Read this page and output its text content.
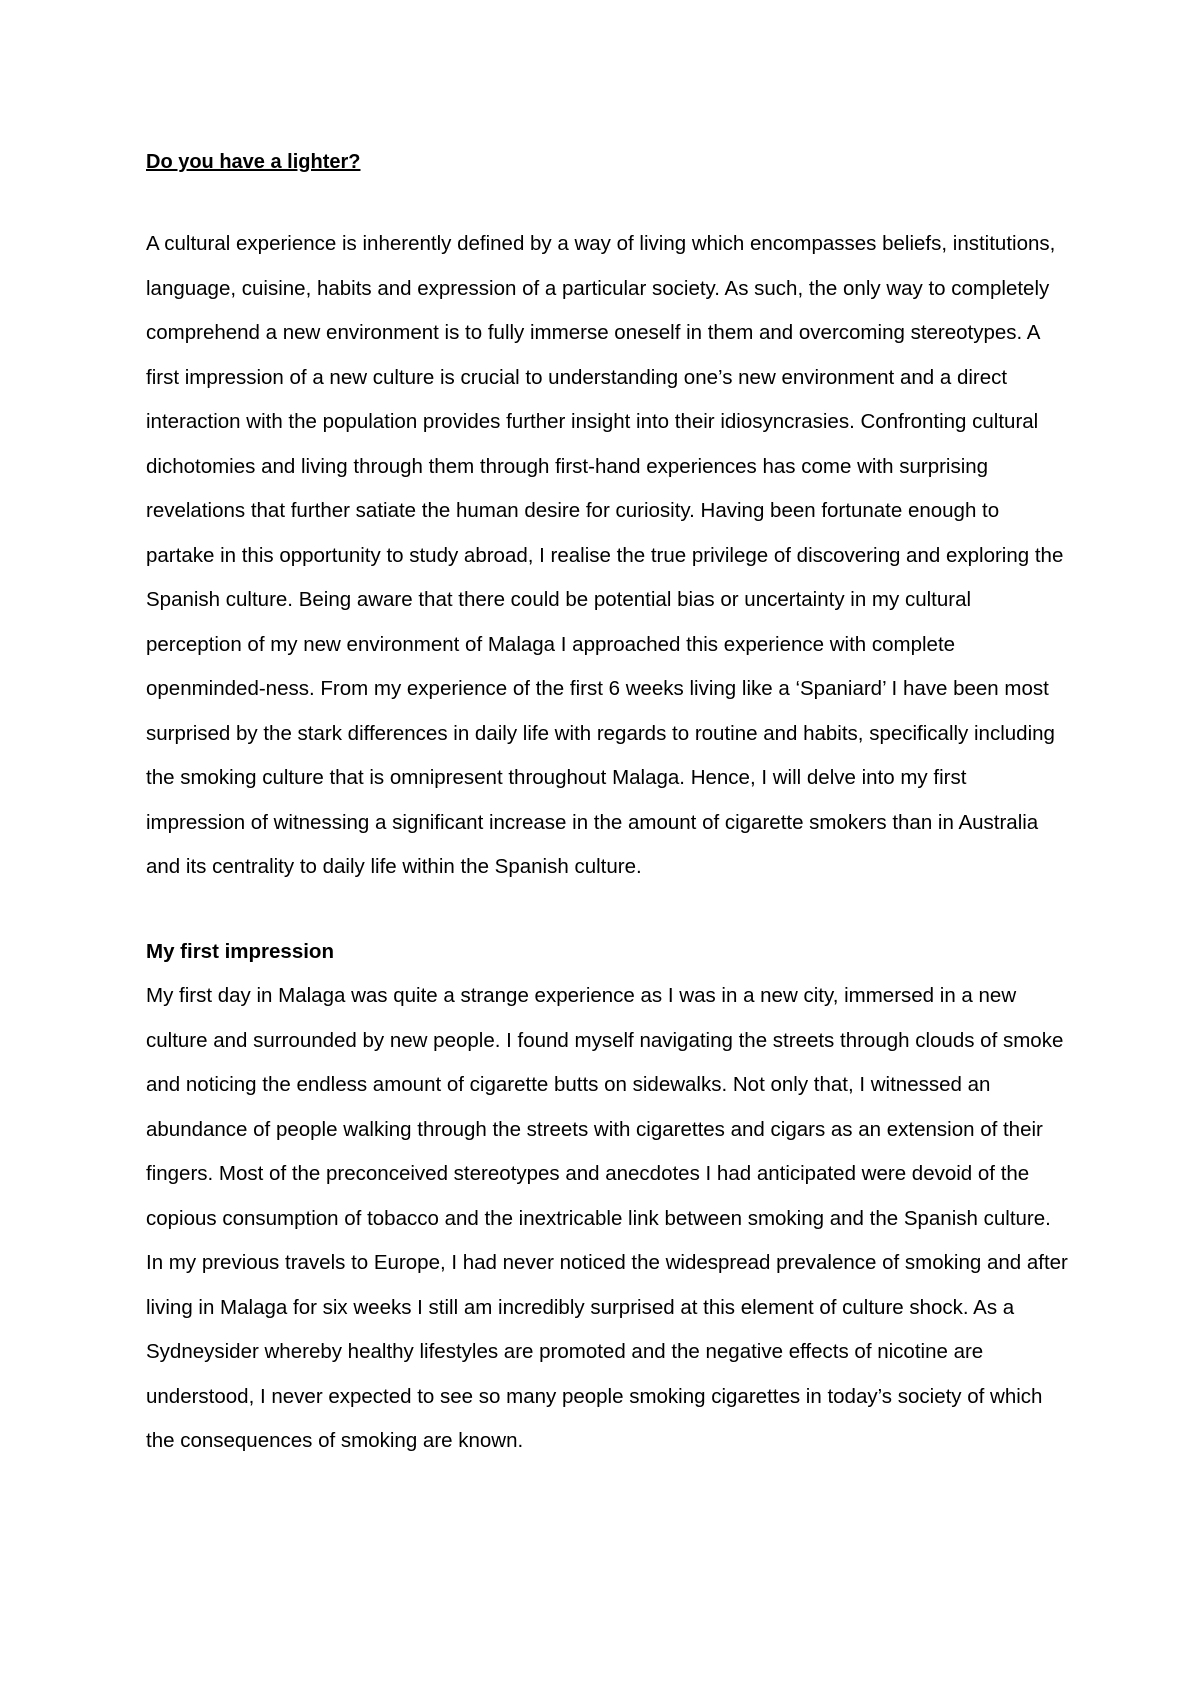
Do you have a lighter?

A cultural experience is inherently defined by a way of living which encompasses beliefs, institutions, language, cuisine, habits and expression of a particular society. As such, the only way to completely comprehend a new environment is to fully immerse oneself in them and overcoming stereotypes. A first impression of a new culture is crucial to understanding one’s new environment and a direct interaction with the population provides further insight into their idiosyncrasies. Confronting cultural dichotomies and living through them through first-hand experiences has come with surprising revelations that further satiate the human desire for curiosity. Having been fortunate enough to partake in this opportunity to study abroad, I realise the true privilege of discovering and exploring the Spanish culture. Being aware that there could be potential bias or uncertainty in my cultural perception of my new environment of Malaga I approached this experience with complete openminded-ness. From my experience of the first 6 weeks living like a ‘Spaniard’ I have been most surprised by the stark differences in daily life with regards to routine and habits, specifically including the smoking culture that is omnipresent throughout Malaga. Hence, I will delve into my first impression of witnessing a significant increase in the amount of cigarette smokers than in Australia and its centrality to daily life within the Spanish culture.

My first impression

My first day in Malaga was quite a strange experience as I was in a new city, immersed in a new culture and surrounded by new people. I found myself navigating the streets through clouds of smoke and noticing the endless amount of cigarette butts on sidewalks. Not only that, I witnessed an abundance of people walking through the streets with cigarettes and cigars as an extension of their fingers. Most of the preconceived stereotypes and anecdotes I had anticipated were devoid of the copious consumption of tobacco and the inextricable link between smoking and the Spanish culture. In my previous travels to Europe, I had never noticed the widespread prevalence of smoking and after living in Malaga for six weeks I still am incredibly surprised at this element of culture shock. As a Sydneysider whereby healthy lifestyles are promoted and the negative effects of nicotine are understood, I never expected to see so many people smoking cigarettes in today’s society of which the consequences of smoking are known.
